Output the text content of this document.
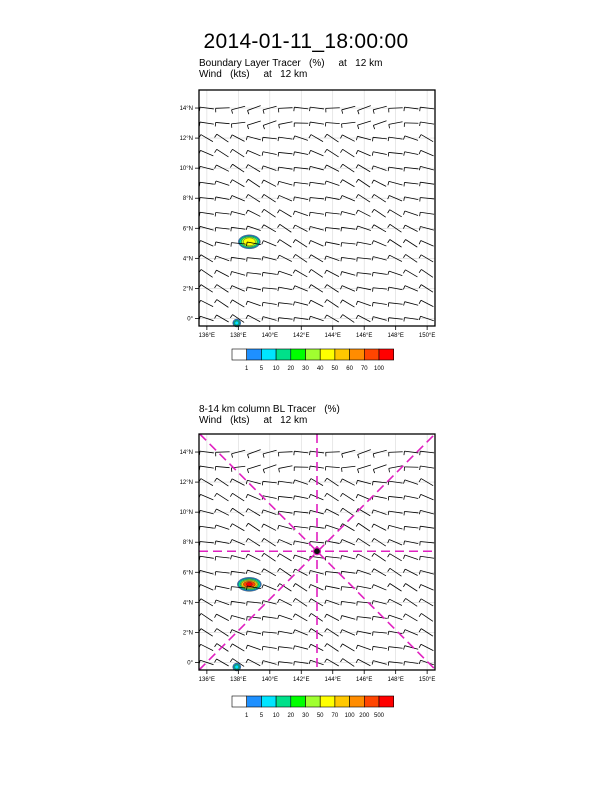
2014-01-11_18:00:00
Boundary Layer Tracer   (%)     at   12 km
Wind   (kts)     at   12 km
8-14 km column BL Tracer   (%)
Wind   (kts)     at   12 km
136°E	138°E	140°E	142°E	144°E	146°E	148°E	150°E
0°
2°N
4°N
6°N
8°N
10°N
12°N
14°N
1 5 10 20 30 40 50 60 70 100
136°E	138°E	140°E	142°E	144°E	146°E	148°E	150°E
0°
2°N
4°N
6°N
8°N
10°N
12°N
14°N
1 5 10 20 30 50 70 100 200 500
